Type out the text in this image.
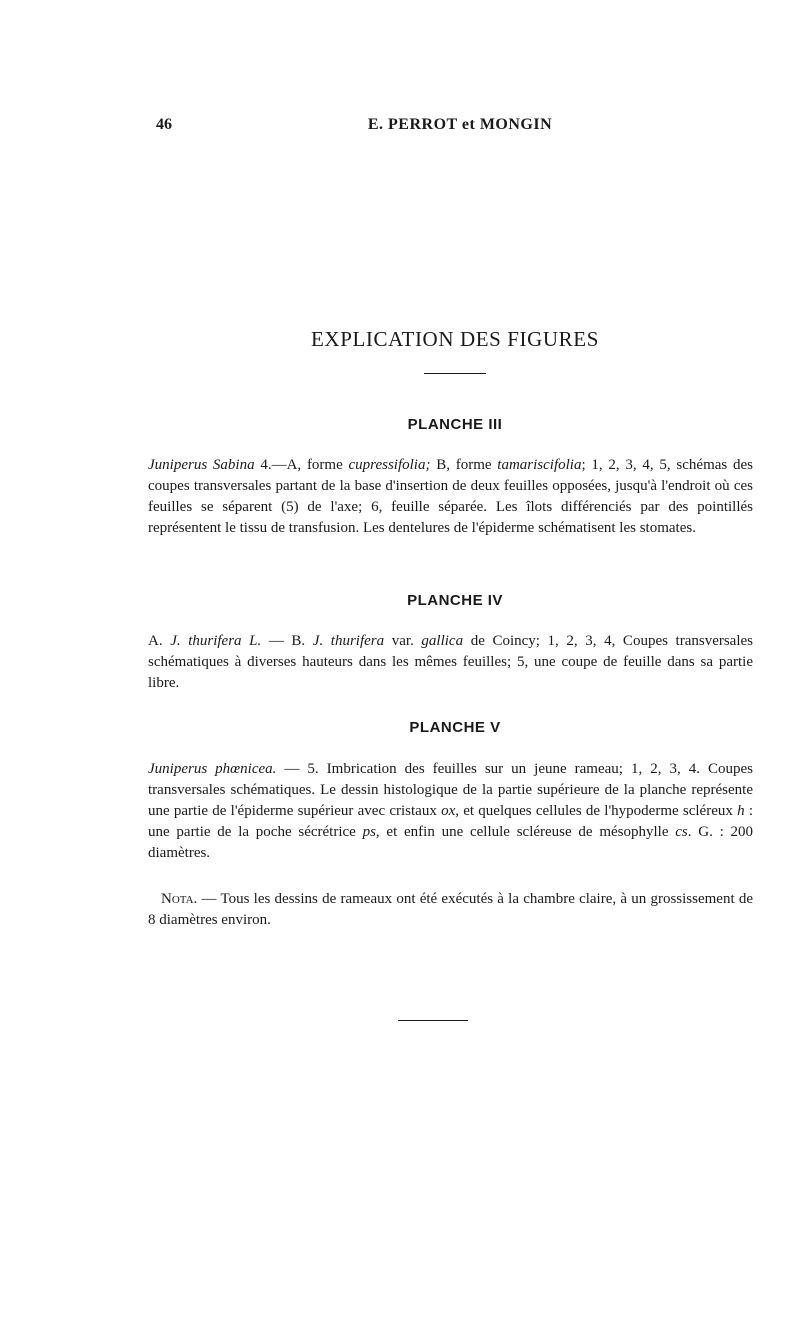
46	E. PERROT et MONGIN
EXPLICATION DES FIGURES
PLANCHE III

Juniperus Sabina 4.—A, forme cupressifolia; B, forme tamariscifolia; 1, 2, 3, 4, 5, schémas des coupes transversales partant de la base d'insertion de deux feuilles opposées, jusqu'à l'endroit où ces feuilles se séparent (5) de l'axe; 6, feuille séparée. Les îlots différenciés par des pointillés représentent le tissu de transfusion. Les dentelures de l'épiderme schématisent les stomates.

PLANCHE IV

A. J. thurifera L. — B. J. thurifera var. gallica de Coincy; 1, 2, 3, 4, Coupes transversales schématiques à diverses hauteurs dans les mêmes feuilles; 5, une coupe de feuille dans sa partie libre.

PLANCHE V

Juniperus phœnicea. — 5. Imbrication des feuilles sur un jeune rameau; 1, 2, 3, 4. Coupes transversales schématiques. Le dessin histologique de la partie supérieure de la planche représente une partie de l'épiderme supérieur avec cristaux ox, et quelques cellules de l'hypoderme scléreux h : une partie de la poche sécrétrice ps, et enfin une cellule scléreuse de mésophylle cs. G. : 200 diamètres.

Nota. — Tous les dessins de rameaux ont été exécutés à la chambre claire, à un grossissement de 8 diamètres environ.
